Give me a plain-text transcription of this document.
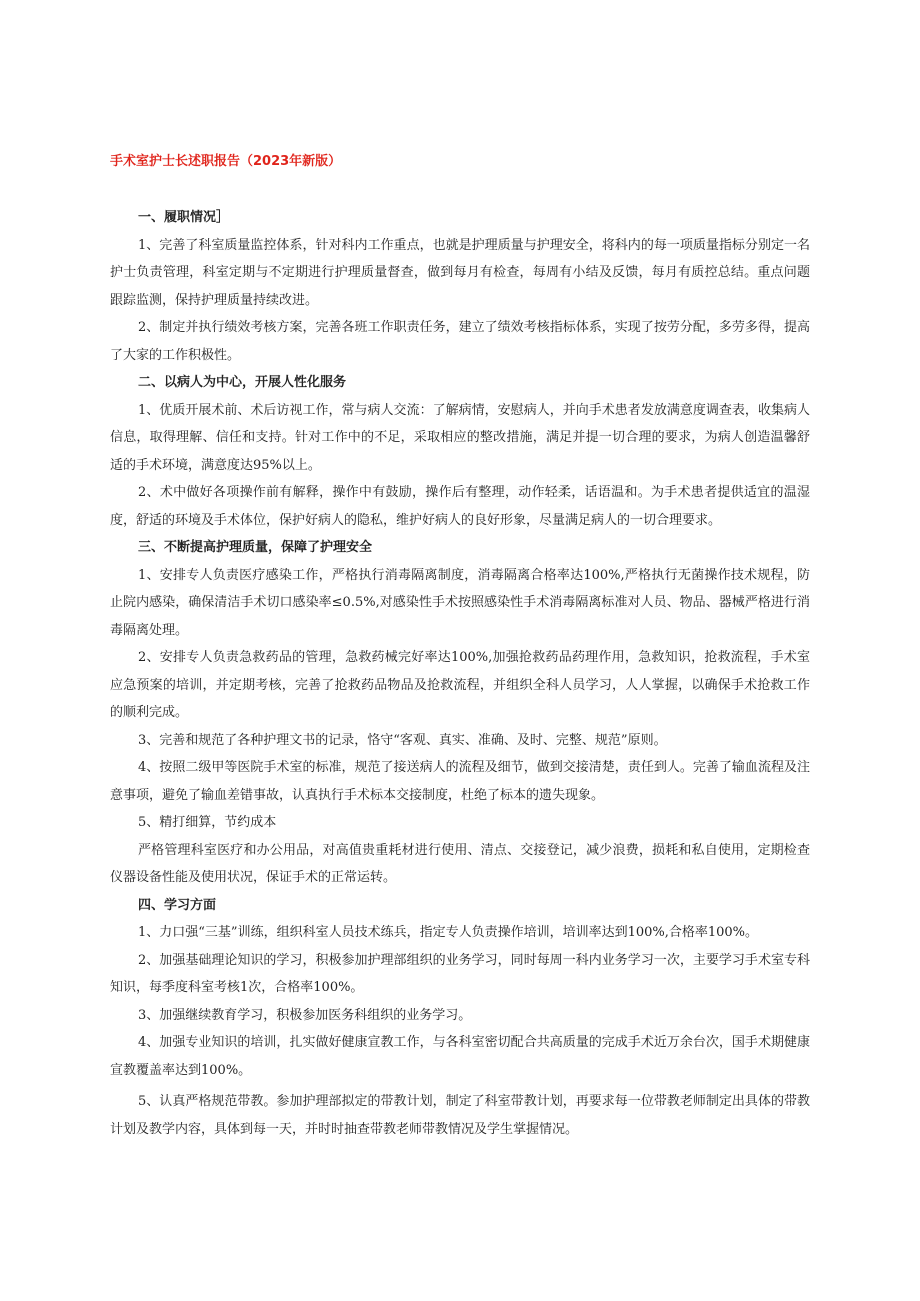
手术室护士长述职报告（2023年新版）

一、履职情况］

1、完善了科室质量监控体系，针对科内工作重点，也就是护理质量与护理安全，将科内的每一项质量指标分别定一名护士负责管理，科室定期与不定期进行护理质量督查，做到每月有检查，每周有小结及反馈，每月有质控总结。重点问题跟踪监测，保持护理质量持续改进。

2、制定并执行绩效考核方案，完善各班工作职责任务，建立了绩效考核指标体系，实现了按劳分配，多劳多得，提高了大家的工作积极性。

二、以病人为中心，开展人性化服务

1、优质开展术前、术后访视工作，常与病人交流：了解病情，安慰病人，并向手术患者发放满意度调查表，收集病人信息，取得理解、信任和支持。针对工作中的不足，采取相应的整改措施，满足并提一切合理的要求，为病人创造温馨舒适的手术环境，满意度达95%以上。

2、术中做好各项操作前有解释，操作中有鼓励，操作后有整理，动作轻柔，话语温和。为手术患者提供适宜的温湿度，舒适的环境及手术体位，保护好病人的隐私，维护好病人的良好形象，尽量满足病人的一切合理要求。

三、不断提高护理质量，保障了护理安全

1、安排专人负责医疗感染工作，严格执行消毒隔离制度，消毒隔离合格率达100%,严格执行无菌操作技术规程，防止院内感染，确保清洁手术切口感染率≤0.5%,对感染性手术按照感染性手术消毒隔离标准对人员、物品、器械严格进行消毒隔离处理。

2、安排专人负责急救药品的管理，急救药械完好率达100%,加强抢救药品药理作用，急救知识，抢救流程，手术室应急预案的培训，并定期考核，完善了抢救药品物品及抢救流程，并组织全科人员学习，人人掌握，以确保手术抢救工作的顺利完成。

3、完善和规范了各种护理文书的记录，恪守“客观、真实、准确、及时、完整、规范”原则。

4、按照二级甲等医院手术室的标准，规范了接送病人的流程及细节，做到交接清楚，责任到人。完善了输血流程及注意事项，避免了输血差错事故，认真执行手术标本交接制度，杜绝了标本的遗失现象。

5、精打细算，节约成本

严格管理科室医疗和办公用品，对高值贵重耗材进行使用、清点、交接登记，减少浪费，损耗和私自使用，定期检查仪器设备性能及使用状况，保证手术的正常运转。

四、学习方面

1、力口强“三基”训练，组织科室人员技术练兵，指定专人负责操作培训，培训率达到100%,合格率100%。

2、加强基础理论知识的学习，积极参加护理部组织的业务学习，同时每周一科内业务学习一次，主要学习手术室专科知识，每季度科室考核1次，合格率100%。

3、加强继续教育学习，积极参加医务科组织的业务学习。

4、加强专业知识的培训，扎实做好健康宣教工作，与各科室密切配合共高质量的完成手术近万余台次，国手术期健康宣教覆盖率达到100%。

5、认真严格规范带教。参加护理部拟定的带教计划，制定了科室带教计划，再要求每一位带教老师制定出具体的带教计划及教学内容，具体到每一天，并时时抽查带教老师带教情况及学生掌握情况。
